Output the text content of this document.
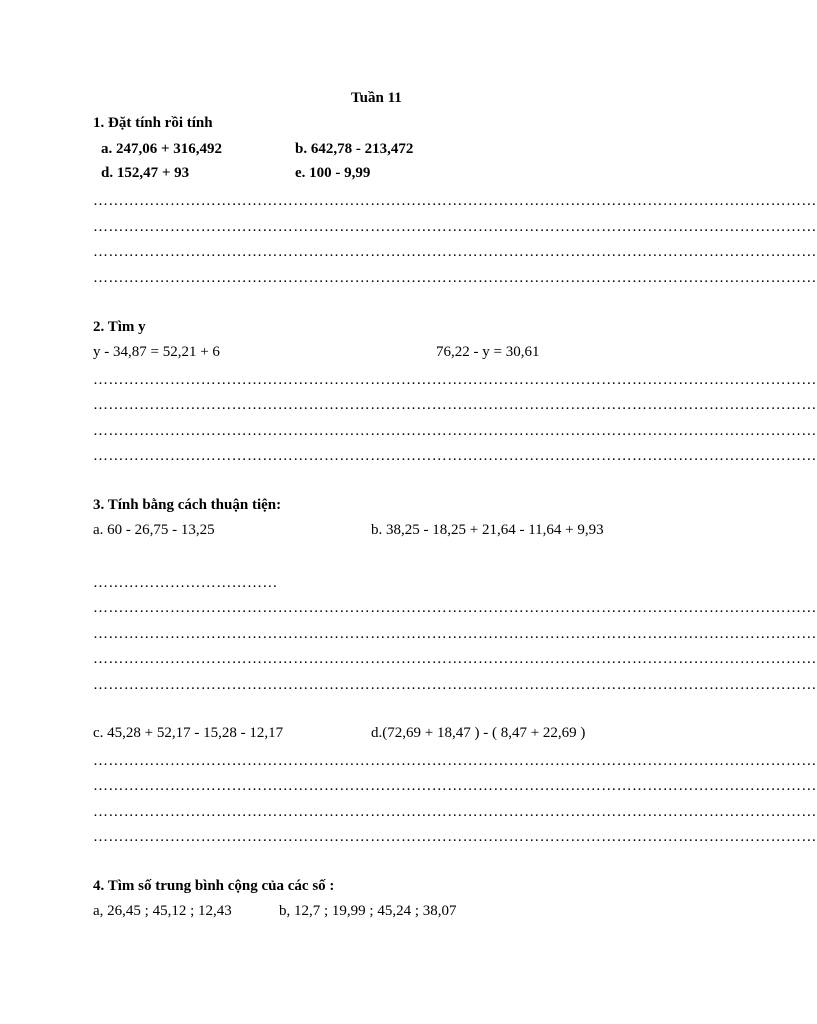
Tuần 11
1. Đặt tính rồi tính
a. 247,06 + 316,492	b. 642,78 - 213,472
d. 152,47 + 93	e. 100 - 9,99
……………………………………………………………………………………………………………………………
……………………………………………………………………………………………………………………………
……………………………………………………………………………………………………………………………
……………………………………………………………………………………………………………………………
2. Tìm y
y - 34,87 = 52,21 + 6	76,22 - y = 30,61
……………………………………………………………………………………………………………………………
……………………………………………………………………………………………………………………………
……………………………………………………………………………………………………………………………
……………………………………………………………………………………………………………………………
3. Tính bằng cách thuận tiện:
a. 60 - 26,75 - 13,25	b. 38,25 - 18,25 + 21,64 - 11,64 + 9,93
………………………………
……………………………………………………………………………………………………………………………
……………………………………………………………………………………………………………………………
……………………………………………………………………………………………………………………………
……………………………………………………………………………………………………………………………
c. 45,28 + 52,17 - 15,28 - 12,17	d.(72,69 + 18,47 ) - ( 8,47 + 22,69 )
……………………………………………………………………………………………………………………………
……………………………………………………………………………………………………………………………
……………………………………………………………………………………………………………………………
……………………………………………………………………………………………………………………………
4. Tìm số trung bình cộng của các số :
a, 26,45 ; 45,12 ; 12,43	b, 12,7 ; 19,99 ; 45,24 ; 38,07
